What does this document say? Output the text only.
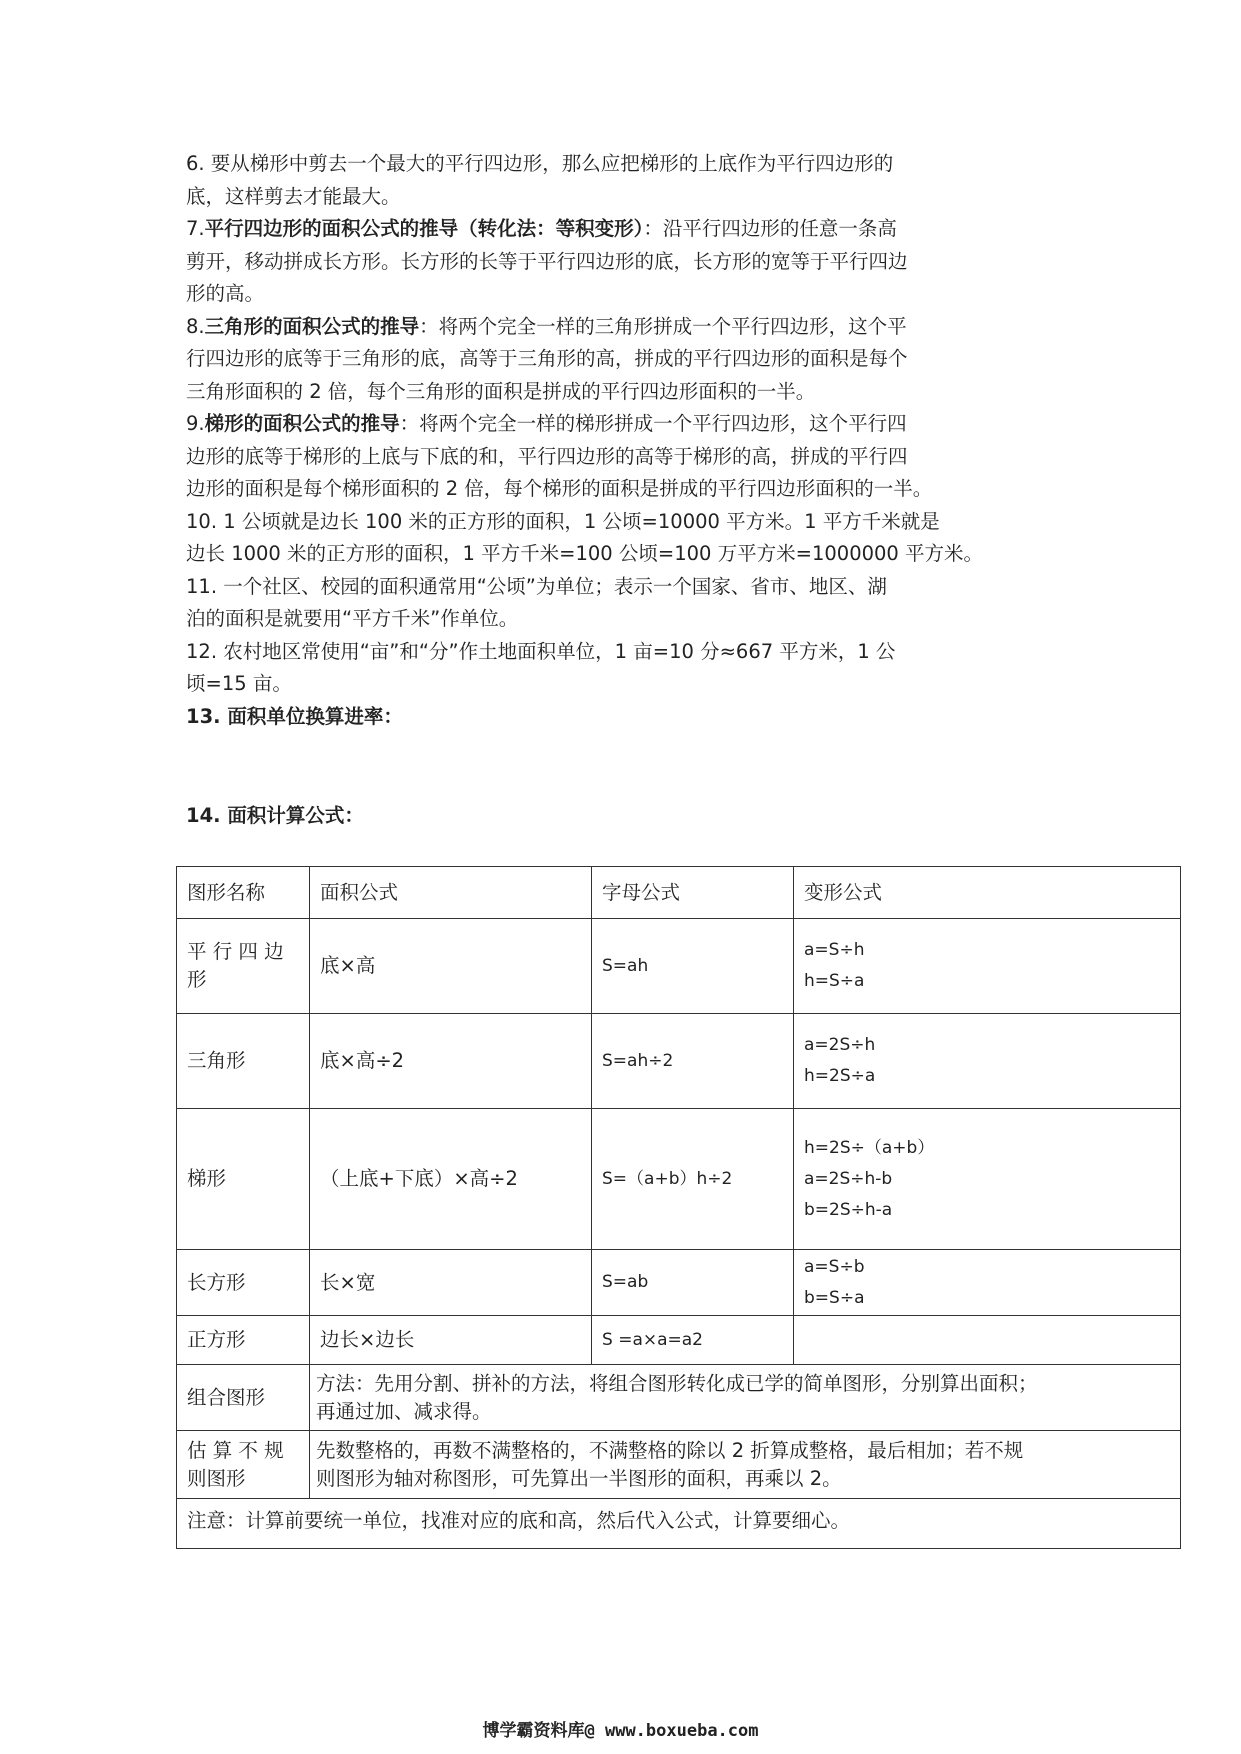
6. 要从梯形中剪去一个最大的平行四边形，那么应把梯形的上底作为平行四边形的
底，这样剪去才能最大。

7.平行四边形的面积公式的推导（转化法：等积变形）：沿平行四边形的任意一条高
剪开，移动拼成长方形。长方形的长等于平行四边形的底，长方形的宽等于平行四边
形的高。

8.三角形的面积公式的推导：将两个完全一样的三角形拼成一个平行四边形，这个平
行四边形的底等于三角形的底，高等于三角形的高，拼成的平行四边形的面积是每个
三角形面积的 2 倍，每个三角形的面积是拼成的平行四边形面积的一半。

9.梯形的面积公式的推导：将两个完全一样的梯形拼成一个平行四边形，这个平行四
边形的底等于梯形的上底与下底的和，平行四边形的高等于梯形的高，拼成的平行四
边形的面积是每个梯形面积的 2 倍，每个梯形的面积是拼成的平行四边形面积的一半。

10. 1 公顷就是边长 100 米的正方形的面积，1 公顷=10000 平方米。1 平方千米就是
边长 1000 米的正方形的面积，1 平方千米=100 公顷=100 万平方米=1000000 平方米。

11. 一个社区、校园的面积通常用“公顷”为单位；表示一个国家、省市、地区、湖
泊的面积是就要用“平方千米”作单位。

12. 农村地区常使用“亩”和“分”作土地面积单位，1 亩=10 分≈667 平方米，1 公
顷=15 亩。

13. 面积单位换算进率：

14. 面积计算公式：
图形名称	面积公式	字母公式	变形公式
平 行 四 边
形	底×高	S=ah	a=S÷h
h=S÷a
三角形	底×高÷2	S=ah÷2	a=2S÷h
h=2S÷a
梯形	（上底+下底）×高÷2	S=（a+b）h÷2	h=2S÷（a+b）
a=2S÷h-b
b=2S÷h-a
长方形	长×宽	S=ab	a=S÷b
b=S÷a
正方形	边长×边长	S =a×a=a2	
组合图形	方法：先用分割、拼补的方法，将组合图形转化成已学的简单图形，分别算出面积；
再通过加、减求得。		
估 算 不 规
则图形	先数整格的，再数不满整格的，不满整格的除以 2 折算成整格，最后相加；若不规
则图形为轴对称图形，可先算出一半图形的面积，再乘以 2。		
注意：计算前要统一单位，找准对应的底和高，然后代入公式，计算要细心。			
博学霸资料库@ www.boxueba.com
